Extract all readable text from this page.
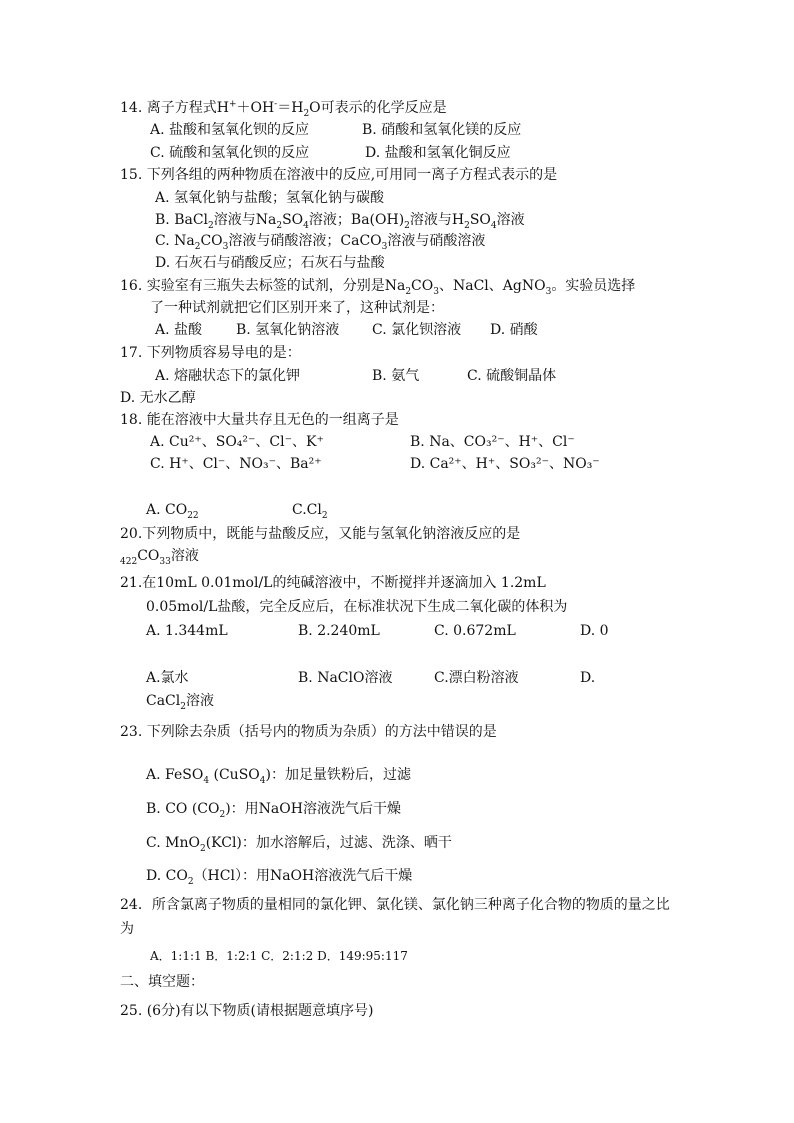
14. 离子方程式$H^++OH^-=H_2O$可表示的化学反应是
A. 盐酸和氢氧化钡的反应	B. 硝酸和氢氧化镁的反应
C. 硫酸和氢氧化钡的反应	D. 盐酸和氢氧化铜反应
15. 下列各组的两种物质在溶液中的反应,可用同一离子方程式表示的是
A. 氢氧化钠与盐酸；氢氧化钠与碳酸
B. BaCl$_2$溶液与$Na_2SO_4$溶液；$Ba(OH)_2$溶液与$H_2SO_4$溶液
C. $Na_2CO_3$溶液与硝酸溶液；CaCO$_3$溶液与硝酸溶液
D. 石灰石与硝酸反应；石灰石与盐酸
16. 实验室有三瓶失去标签的试剂，分别是$Na_2CO_3$、NaCl、AgNO$_3$。实验员选择
了一种试剂就把它们区别开来了，这种试剂是：
A. 盐酸 B. 氢氧化钠溶液 C. 氯化钡溶液 D. 硝酸
17. 下列物质容易导电的是：
A. 熔融状态下的氯化钾	B. 氨气	C. 硫酸铜晶体
D. 无水乙醇
18. 能在溶液中大量共存且无色的一组离子是
A. Cu²⁺、SO₄²⁻、Cl⁻、K⁺	B. Na、CO₃²⁻、H⁺、Cl⁻
C. H⁺、Cl⁻、NO₃⁻、Ba²⁺	D. Ca²⁺、H⁺、SO₃²⁻、NO₃⁻
A. $CO_{22}$	$C.Cl_2$
20.下列物质中，既能与盐酸反应，又能与氢氧化钠溶液反应的是
$_{422}CO_{33}$溶液
21.在10mL 0.01mol/L的纯碱溶液中，不断搅拌并逐滴加入 1.2mL
0.05mol/L盐酸，完全反应后，在标准状况下生成二氧化碳的体积为
A. 1.344mL	B. 2.240mL	C. 0.672mL	D. 0
A.氯水	B. NaClO溶液	C.漂白粉溶液	D.
CaCl$_2$溶液
23. 下列除去杂质（括号内的物质为杂质）的方法中错误的是
A. FeSO$_4$ (CuSO$_4$)：加足量铁粉后，过滤
B. CO $(CO_2)$：用NaOH溶液洗气后干燥
C. MnO$_2$(KCl)：加水溶解后，过滤、洗涤、晒干
D. $CO_2(HCl)$：用NaOH溶液洗气后干燥
24．所含氯离子物质的量相同的氯化钾、氯化镁、氯化钠三种离子化合物的物质的量之比
为
A．1:1:1 B．1:2:1 C．2:1:2 D．149:95:117
二、填空题：
25. (6分)有以下物质(请根据题意填序号)
